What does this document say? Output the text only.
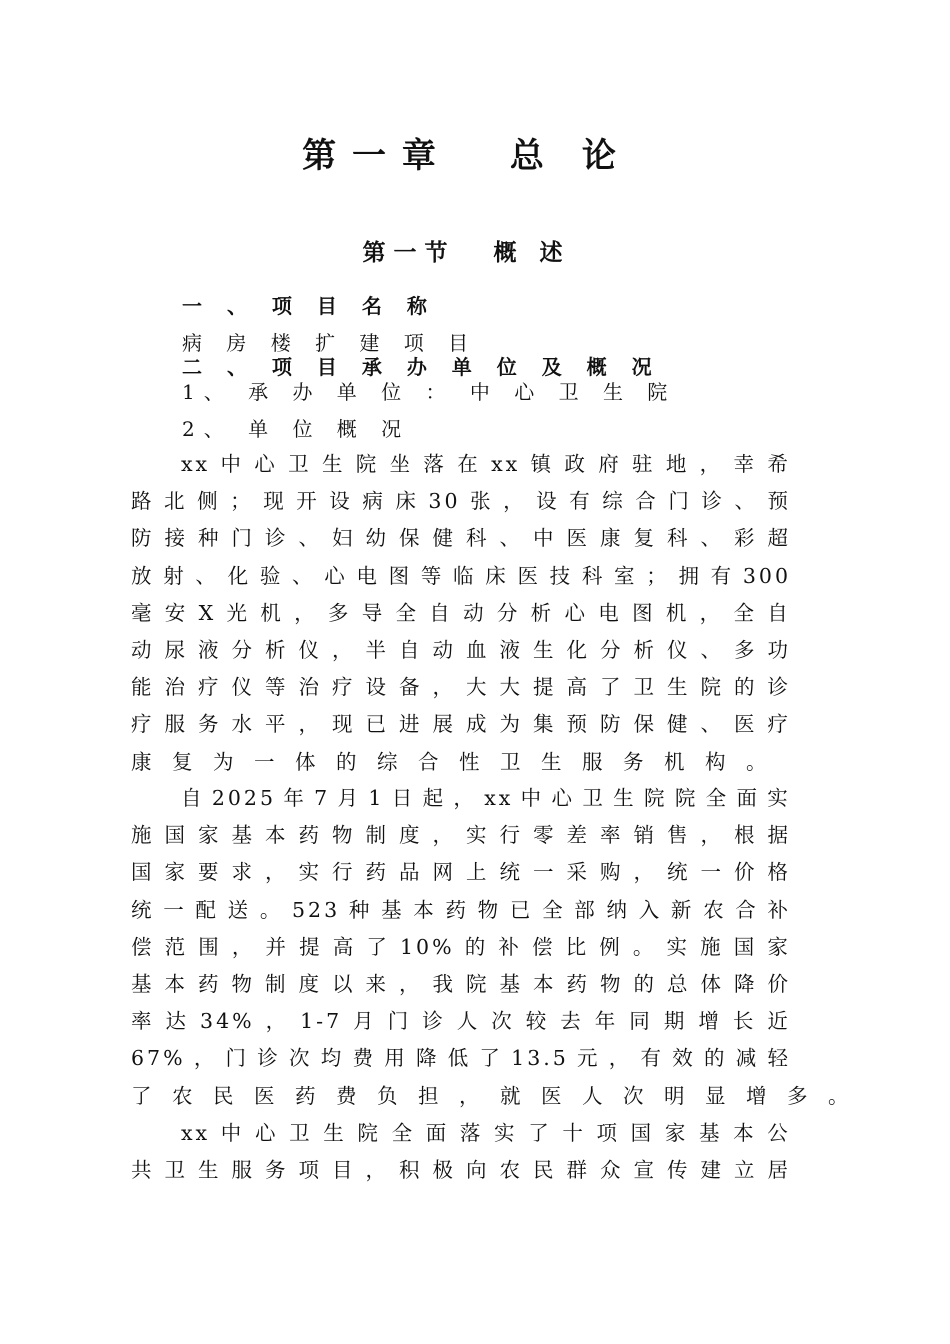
第 一 章　　总　论
第 一 节　　概　述
一 、 项 目 名 称
病 房 楼 扩 建 项 目
二 、 项 目 承 办 单 位 及 概 况
1、 承 办 单 位 ： 中 心 卫 生 院
2、 单 位 概 况
xx 中 心 卫 生 院 坐 落 在 xx 镇 政 府 驻 地 ， 幸 希
路 北 侧 ； 现 开 设 病 床 30 张 ， 设 有 综 合 门 诊 、 预
防 接 种 门 诊 、 妇 幼 保 健 科 、 中 医 康 复 科 、 彩 超
放 射 、 化 验 、 心 电 图 等 临 床 医 技 科 室 ； 拥 有 300
毫 安 X 光 机 ， 多 导 全 自 动 分 析 心 电 图 机 ， 全 自
动 尿 液 分 析 仪 ， 半 自 动 血 液 生 化 分 析 仪 、 多 功
能 治 疗 仪 等 治 疗 设 备 ， 大 大 提 高 了 卫 生 院 的 诊
疗 服 务 水 平 ， 现 已 进 展 成 为 集 预 防 保 健 、 医 疗
康 复 为 一 体 的 综 合 性 卫 生 服 务 机 构 。
自 2025 年 7 月 1 日 起 ， xx 中 心 卫 生 院 院 全 面 实
施 国 家 基 本 药 物 制 度 ， 实 行 零 差 率 销 售 ， 根 据
国 家 要 求 ， 实 行 药 品 网 上 统 一 采 购 ， 统 一 价 格
统 一 配 送 。 523 种 基 本 药 物 已 全 部 纳 入 新 农 合 补
偿 范 围 ， 并 提 高 了 10% 的 补 偿 比 例 。 实 施 国 家
基 本 药 物 制 度 以 来 ， 我 院 基 本 药 物 的 总 体 降 价
率 达 34% ， 1-7 月 门 诊 人 次 较 去 年 同 期 增 长 近
67% ， 门 诊 次 均 费 用 降 低 了 13.5 元 ， 有 效 的 减 轻
了 农 民 医 药 费 负 担 ， 就 医 人 次 明 显 增 多 。
xx 中 心 卫 生 院 全 面 落 实 了 十 项 国 家 基 本 公
共 卫 生 服 务 项 目 ， 积 极 向 农 民 群 众 宣 传 建 立 居
